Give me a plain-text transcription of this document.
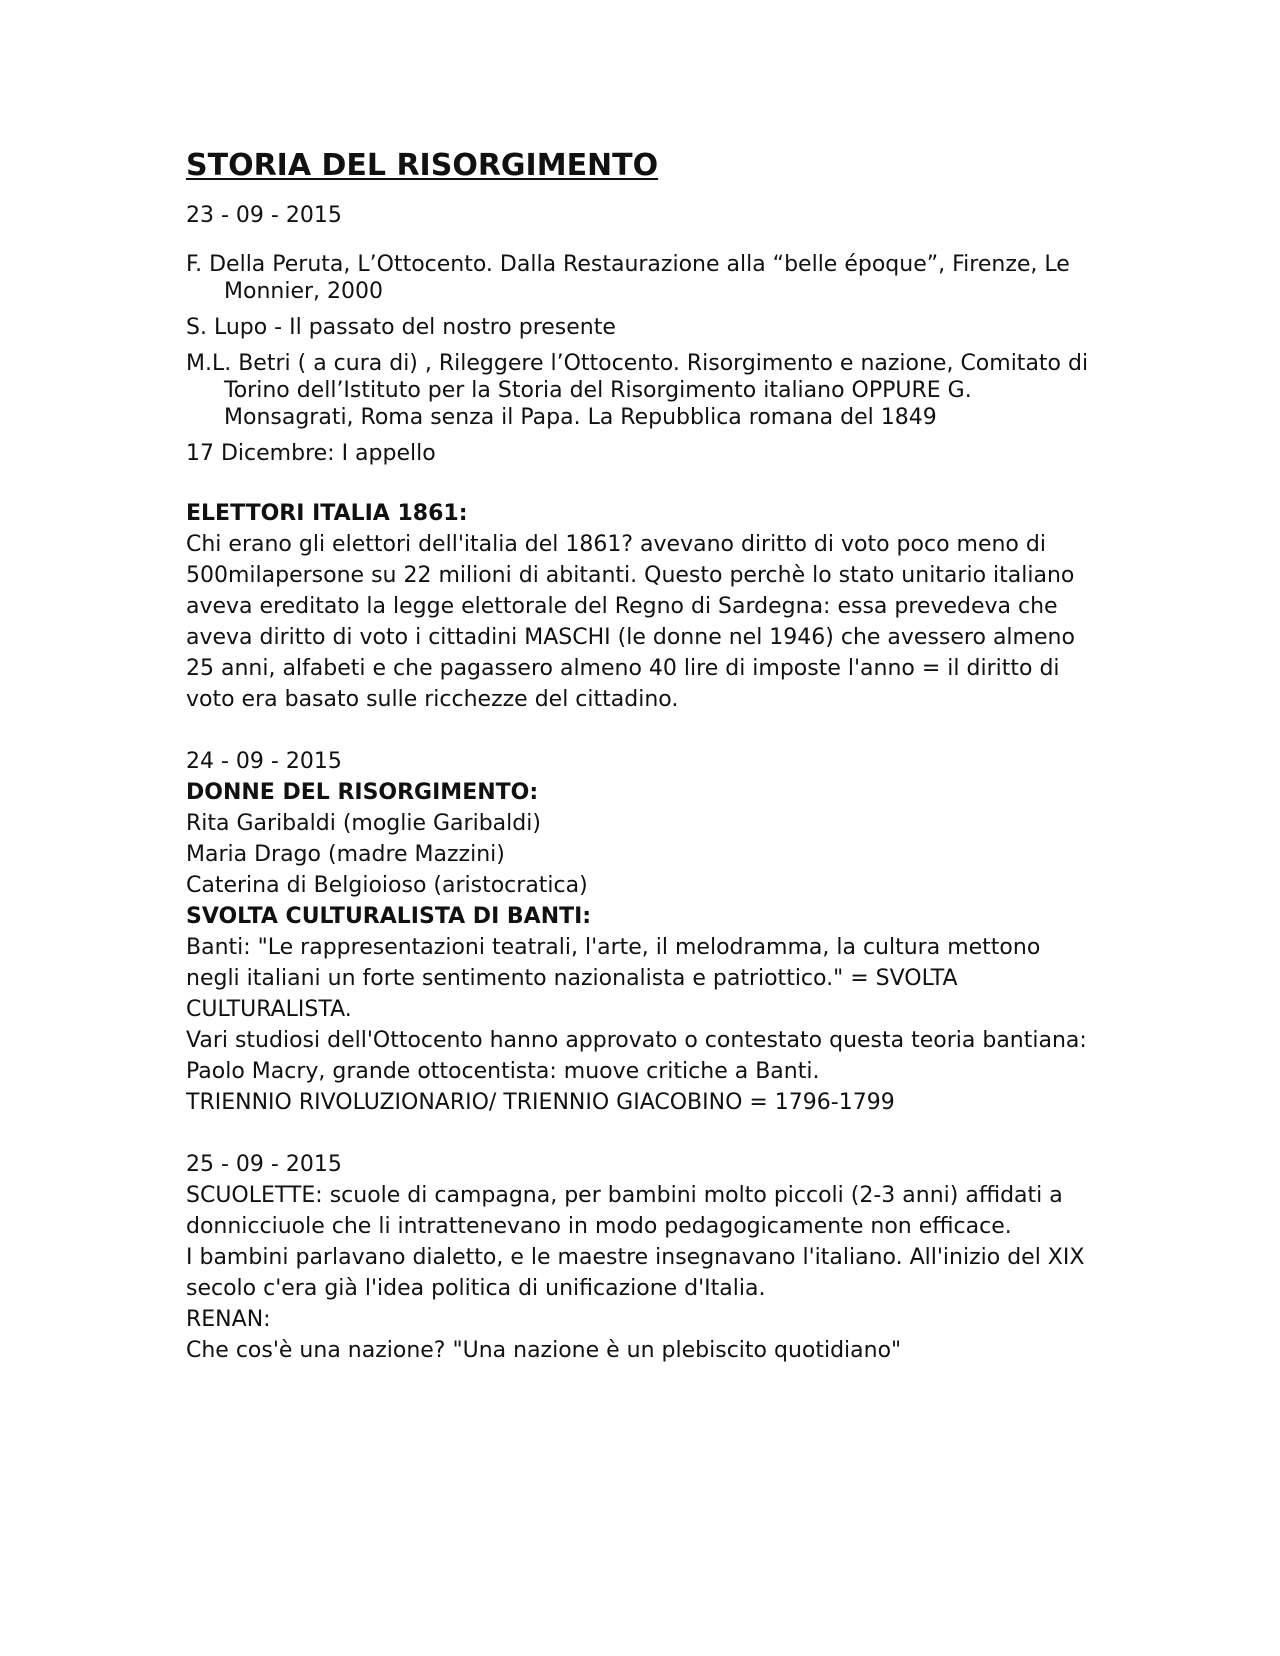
STORIA DEL RISORGIMENTO
23 - 09 - 2015
F. Della Peruta, L’Ottocento. Dalla Restaurazione alla “belle époque”, Firenze, Le Monnier, 2000
S. Lupo - Il passato del nostro presente
M.L. Betri ( a cura di) , Rileggere l’Ottocento. Risorgimento e nazione, Comitato di Torino dell’Istituto per la Storia del Risorgimento italiano OPPURE G. Monsagrati, Roma senza il Papa. La Repubblica romana del 1849
17 Dicembre: I appello
ELETTORI ITALIA 1861:
Chi erano gli elettori dell'italia del 1861? avevano diritto di voto poco meno di 500milapersone su 22 milioni di abitanti. Questo perchè lo stato unitario italiano aveva ereditato la legge elettorale del Regno di Sardegna: essa prevedeva che aveva diritto di voto i cittadini MASCHI (le donne nel 1946) che avessero almeno 25 anni, alfabeti e che pagassero almeno 40 lire di imposte l'anno = il diritto di voto era basato sulle ricchezze del cittadino.
24 - 09 - 2015
DONNE DEL RISORGIMENTO:
Rita Garibaldi (moglie Garibaldi)
Maria Drago (madre Mazzini)
Caterina di Belgioioso (aristocratica)
SVOLTA CULTURALISTA DI BANTI:
Banti: "Le rappresentazioni teatrali, l'arte, il melodramma, la cultura mettono negli italiani un forte sentimento nazionalista e patriottico." = SVOLTA CULTURALISTA.
Vari studiosi dell'Ottocento hanno approvato o contestato questa teoria bantiana:
Paolo Macry, grande ottocentista: muove critiche a Banti.
TRIENNIO RIVOLUZIONARIO/ TRIENNIO GIACOBINO = 1796-1799
25 - 09 - 2015
SCUOLETTE: scuole di campagna, per bambini molto piccoli (2-3 anni) affidati a donnicciuole che li intrattenevano in modo pedagogicamente non efficace.
I bambini parlavano dialetto, e le maestre insegnavano l'italiano. All'inizio del XIX secolo c'era già l'idea politica di unificazione d'Italia.
RENAN:
Che cos'è una nazione? "Una nazione è un plebiscito quotidiano"
